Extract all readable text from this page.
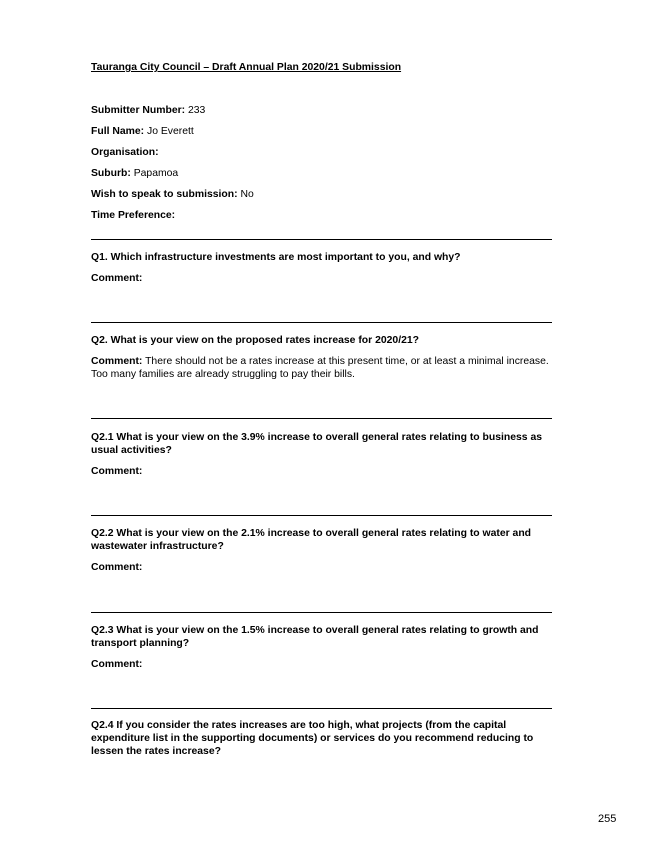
Tauranga City Council – Draft Annual Plan 2020/21 Submission
Submitter Number: 233
Full Name: Jo Everett
Organisation:
Suburb: Papamoa
Wish to speak to submission: No
Time Preference:
Q1. Which infrastructure investments are most important to you, and why?
Comment:
Q2. What is your view on the proposed rates increase for 2020/21?
Comment: There should not be a rates increase at this present time, or at least a minimal increase. Too many families are already struggling to pay their bills.
Q2.1 What is your view on the 3.9% increase to overall general rates relating to business as usual activities?
Comment:
Q2.2 What is your view on the 2.1% increase to overall general rates relating to water and wastewater infrastructure?
Comment:
Q2.3 What is your view on the 1.5% increase to overall general rates relating to growth and transport planning?
Comment:
Q2.4 If you consider the rates increases are too high, what projects (from the capital expenditure list in the supporting documents) or services do you recommend reducing to lessen the rates increase?
255
